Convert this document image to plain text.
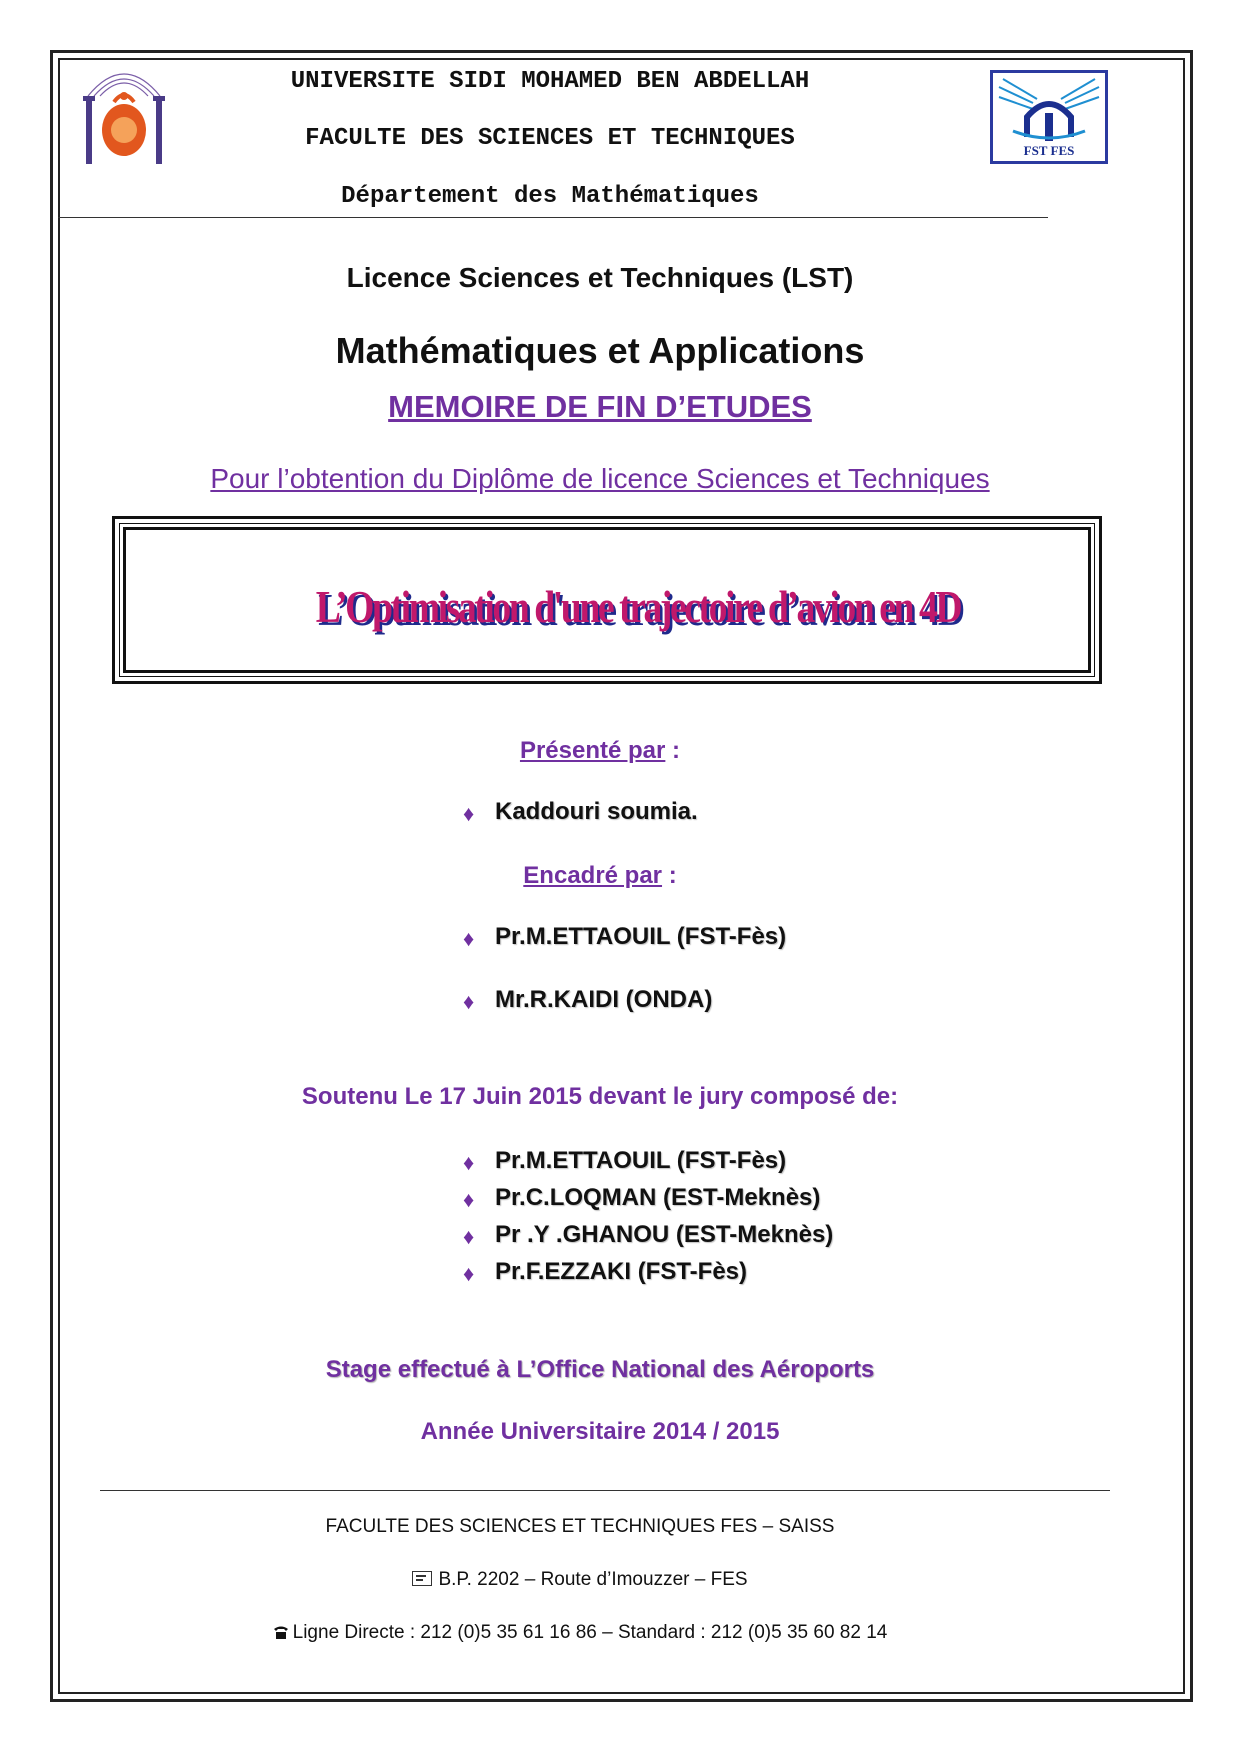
UNIVERSITE SIDI MOHAMED BEN ABDELLAH
FACULTE DES SCIENCES ET TECHNIQUES
Département des Mathématiques
FST FES
Licence Sciences et Techniques (LST)
Mathématiques et Applications
MEMOIRE DE FIN D’ETUDES
Pour l’obtention du Diplôme de licence Sciences et Techniques
L’Optimisation d'une trajectoire d’avion en 4D
Présenté par :
♦ Kaddouri soumia.
Encadré par :
♦ Pr.M.ETTAOUIL (FST-Fès)
♦ Mr.R.KAIDI (ONDA)
Soutenu Le 17 Juin 2015 devant le jury composé de:
♦ Pr.M.ETTAOUIL (FST-Fès)
♦ Pr.C.LOQMAN (EST-Meknès)
♦ Pr .Y .GHANOU (EST-Meknès)
♦ Pr.F.EZZAKI (FST-Fès)
Stage effectué à L’Office National des Aéroports
Année Universitaire 2014 / 2015
FACULTE DES SCIENCES ET TECHNIQUES FES – SAISS
B.P. 2202 – Route d’Imouzzer – FES
Ligne Directe : 212 (0)5 35 61 16 86 – Standard : 212 (0)5 35 60 82 14
